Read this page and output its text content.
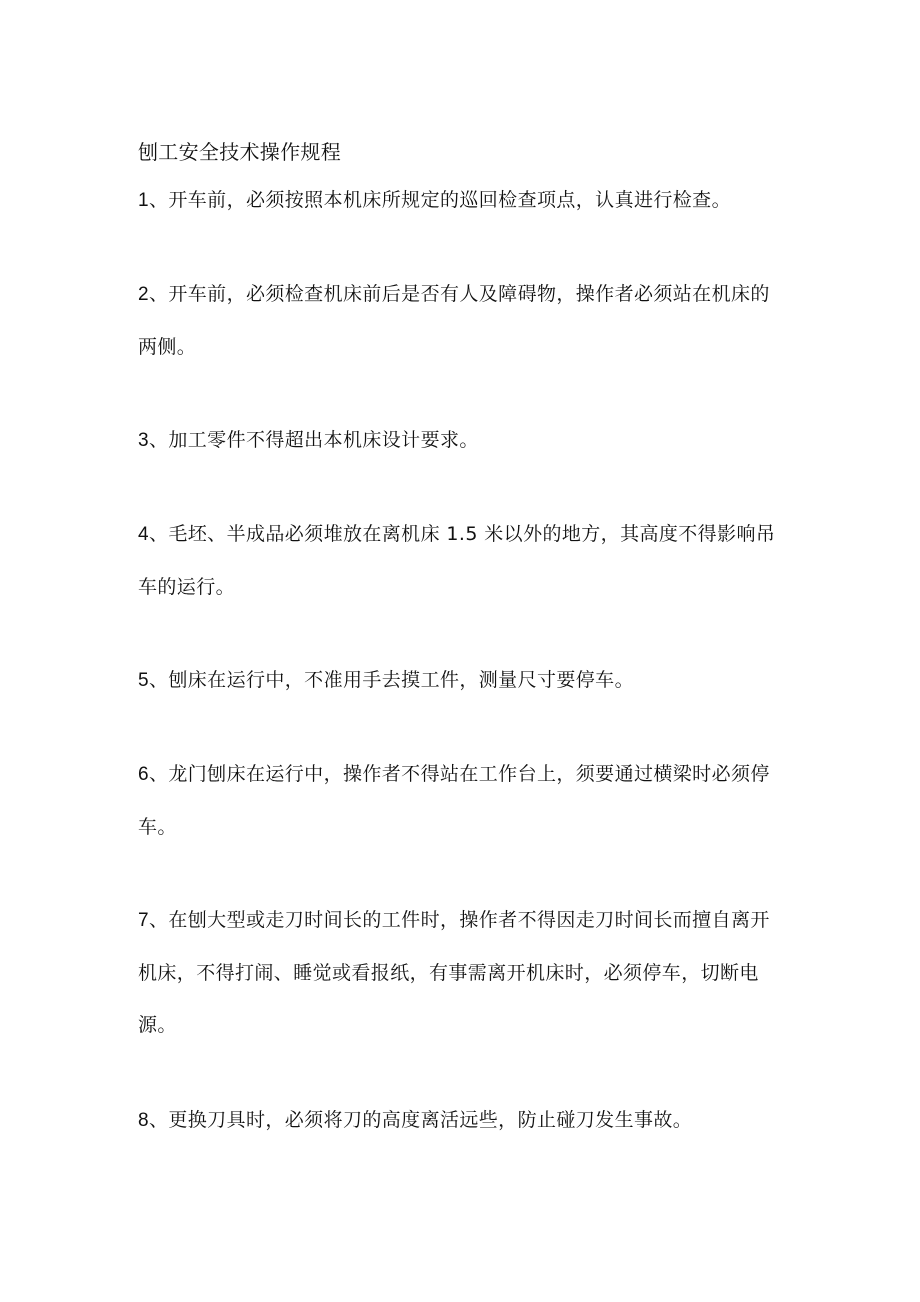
刨工安全技术操作规程
1、开车前，必须按照本机床所规定的巡回检查项点，认真进行检查。
2、开车前，必须检查机床前后是否有人及障碍物，操作者必须站在机床的两侧。
3、加工零件不得超出本机床设计要求。
4、毛坯、半成品必须堆放在离机床 1.5 米以外的地方，其高度不得影响吊车的运行。
5、刨床在运行中，不准用手去摸工件，测量尺寸要停车。
6、龙门刨床在运行中，操作者不得站在工作台上，须要通过横梁时必须停车。
7、在刨大型或走刀时间长的工件时，操作者不得因走刀时间长而擅自离开机床，不得打闹、睡觉或看报纸，有事需离开机床时，必须停车，切断电源。
8、更换刀具时，必须将刀的高度离活远些，防止碰刀发生事故。
